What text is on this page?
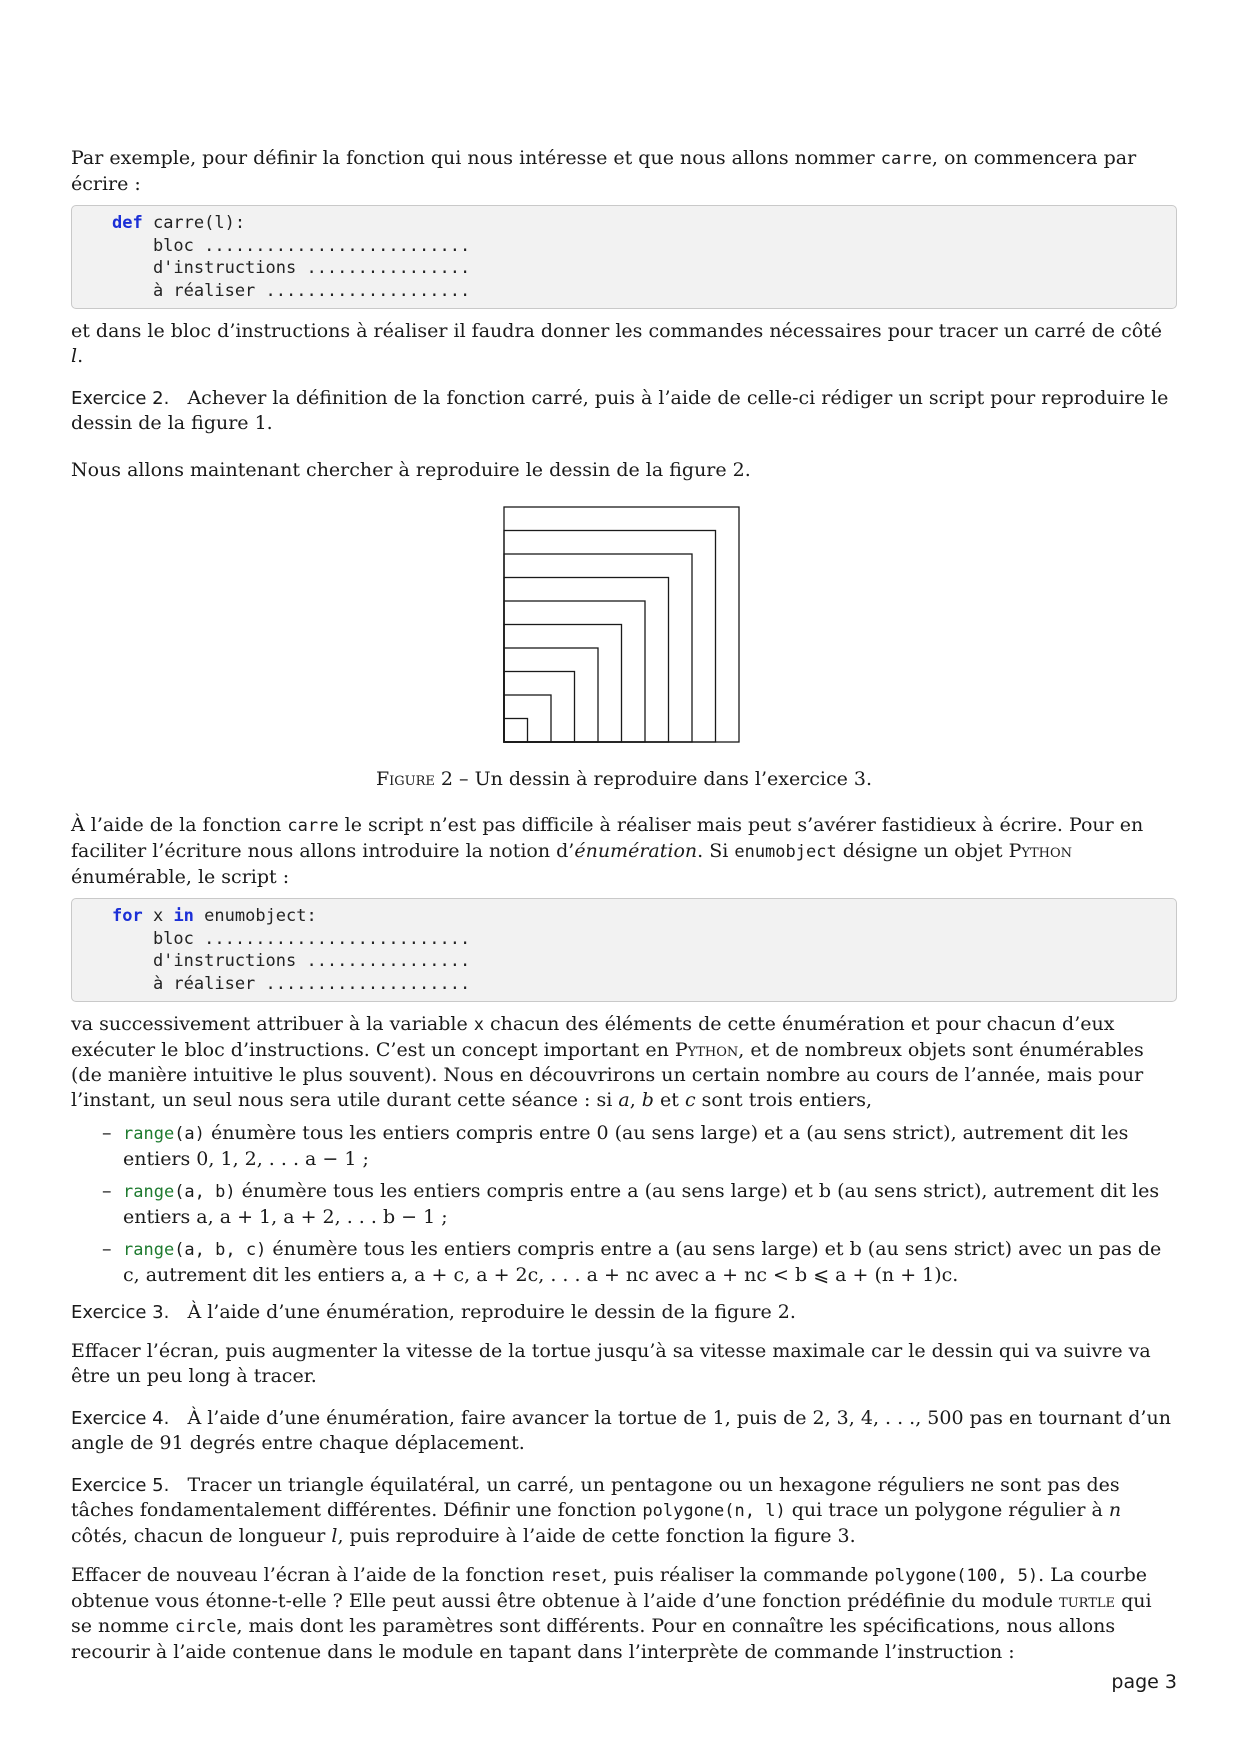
Par exemple, pour définir la fonction qui nous intéresse et que nous allons nommer carre, on commencera par écrire :

def carre(l):
bloc ..........................
d'instructions ................
à réaliser ....................

et dans le bloc d’instructions à réaliser il faudra donner les commandes nécessaires pour tracer un carré de côté l.

Exercice 2. Achever la définition de la fonction carré, puis à l’aide de celle-ci rédiger un script pour reproduire le dessin de la figure 1.

Nous allons maintenant chercher à reproduire le dessin de la figure 2.

Figure 2 – Un dessin à reproduire dans l’exercice 3.

À l’aide de la fonction carre le script n’est pas difficile à réaliser mais peut s’avérer fastidieux à écrire. Pour en faciliter l’écriture nous allons introduire la notion d’énumération. Si enumobject désigne un objet Python énumérable, le script :

for x in enumobject:
bloc ..........................
d'instructions ................
à réaliser ....................

va successivement attribuer à la variable x chacun des éléments de cette énumération et pour chacun d’eux exécuter le bloc d’instructions. C’est un concept important en Python, et de nombreux objets sont énumérables (de manière intuitive le plus souvent). Nous en découvrirons un certain nombre au cours de l’année, mais pour l’instant, un seul nous sera utile durant cette séance : si a, b et c sont trois entiers,

– range(a) énumère tous les entiers compris entre 0 (au sens large) et a (au sens strict), autrement dit les entiers 0, 1, 2, . . . a − 1 ;
– range(a, b) énumère tous les entiers compris entre a (au sens large) et b (au sens strict), autrement dit les entiers a, a + 1, a + 2, . . . b − 1 ;
– range(a, b, c) énumère tous les entiers compris entre a (au sens large) et b (au sens strict) avec un pas de c, autrement dit les entiers a, a + c, a + 2c, . . . a + nc avec a + nc < b ⩽ a + (n + 1)c.

Exercice 3. À l’aide d’une énumération, reproduire le dessin de la figure 2.

Effacer l’écran, puis augmenter la vitesse de la tortue jusqu’à sa vitesse maximale car le dessin qui va suivre va être un peu long à tracer.

Exercice 4. À l’aide d’une énumération, faire avancer la tortue de 1, puis de 2, 3, 4, . . ., 500 pas en tournant d’un angle de 91 degrés entre chaque déplacement.

Exercice 5. Tracer un triangle équilatéral, un carré, un pentagone ou un hexagone réguliers ne sont pas des tâches fondamentalement différentes. Définir une fonction polygone(n, l) qui trace un polygone régulier à n côtés, chacun de longueur l, puis reproduire à l’aide de cette fonction la figure 3.

Effacer de nouveau l’écran à l’aide de la fonction reset, puis réaliser la commande polygone(100, 5). La courbe obtenue vous étonne-t-elle ? Elle peut aussi être obtenue à l’aide d’une fonction prédéfinie du module turtle qui se nomme circle, mais dont les paramètres sont différents. Pour en connaître les spécifications, nous allons recourir à l’aide contenue dans le module en tapant dans l’interprète de commande l’instruction :

page 3
